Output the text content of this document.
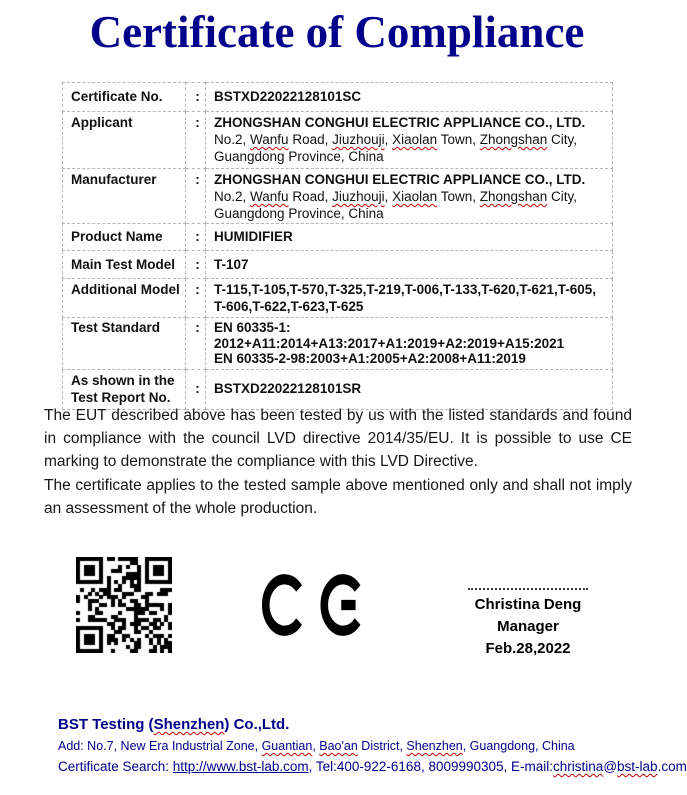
Certificate of Compliance
Certificate No.	:	BSTXD22022128101SC
Applicant	:	ZHONGSHAN CONGHUI ELECTRIC APPLIANCE CO., LTD.
No.2, Wanfu Road, Jiuzhouji, Xiaolan Town, Zhongshan City,
Guangdong Province, China

Manufacturer	:	ZHONGSHAN CONGHUI ELECTRIC APPLIANCE CO., LTD.
No.2, Wanfu Road, Jiuzhouji, Xiaolan Town, Zhongshan City,
Guangdong Province, China

Product Name	:	HUMIDIFIER
Main Test Model	:	T-107
Additional Model	:	T-115,T-105,T-570,T-325,T-219,T-006,T-133,T-620,T-621,T-605,
T-606,T-622,T-623,T-625

Test Standard	:	EN 60335-1:
2012+A11:2014+A13:2017+A1:2019+A2:2019+A15:2021
EN 60335-2-98:2003+A1:2005+A2:2008+A11:2019

As shown in the
Test Report No.	:	BSTXD22022128101SR

The EUT described above has been tested by us with the listed standards and found in compliance with the council LVD directive 2014/35/EU. It is possible to use CE marking to demonstrate the compliance with this LVD Directive.

The certificate applies to the tested sample above mentioned only and shall not imply an assessment of the whole production.

Christina Deng
Manager
Feb.28,2022
BST Testing (Shenzhen) Co.,Ltd.
Add: No.7, New Era Industrial Zone, Guantian, Bao'an District, Shenzhen, Guangdong, China
Certificate Search: http://www.bst-lab.com, Tel:400-922-6168, 8009990305, E-mail:christina@bst-lab.com
